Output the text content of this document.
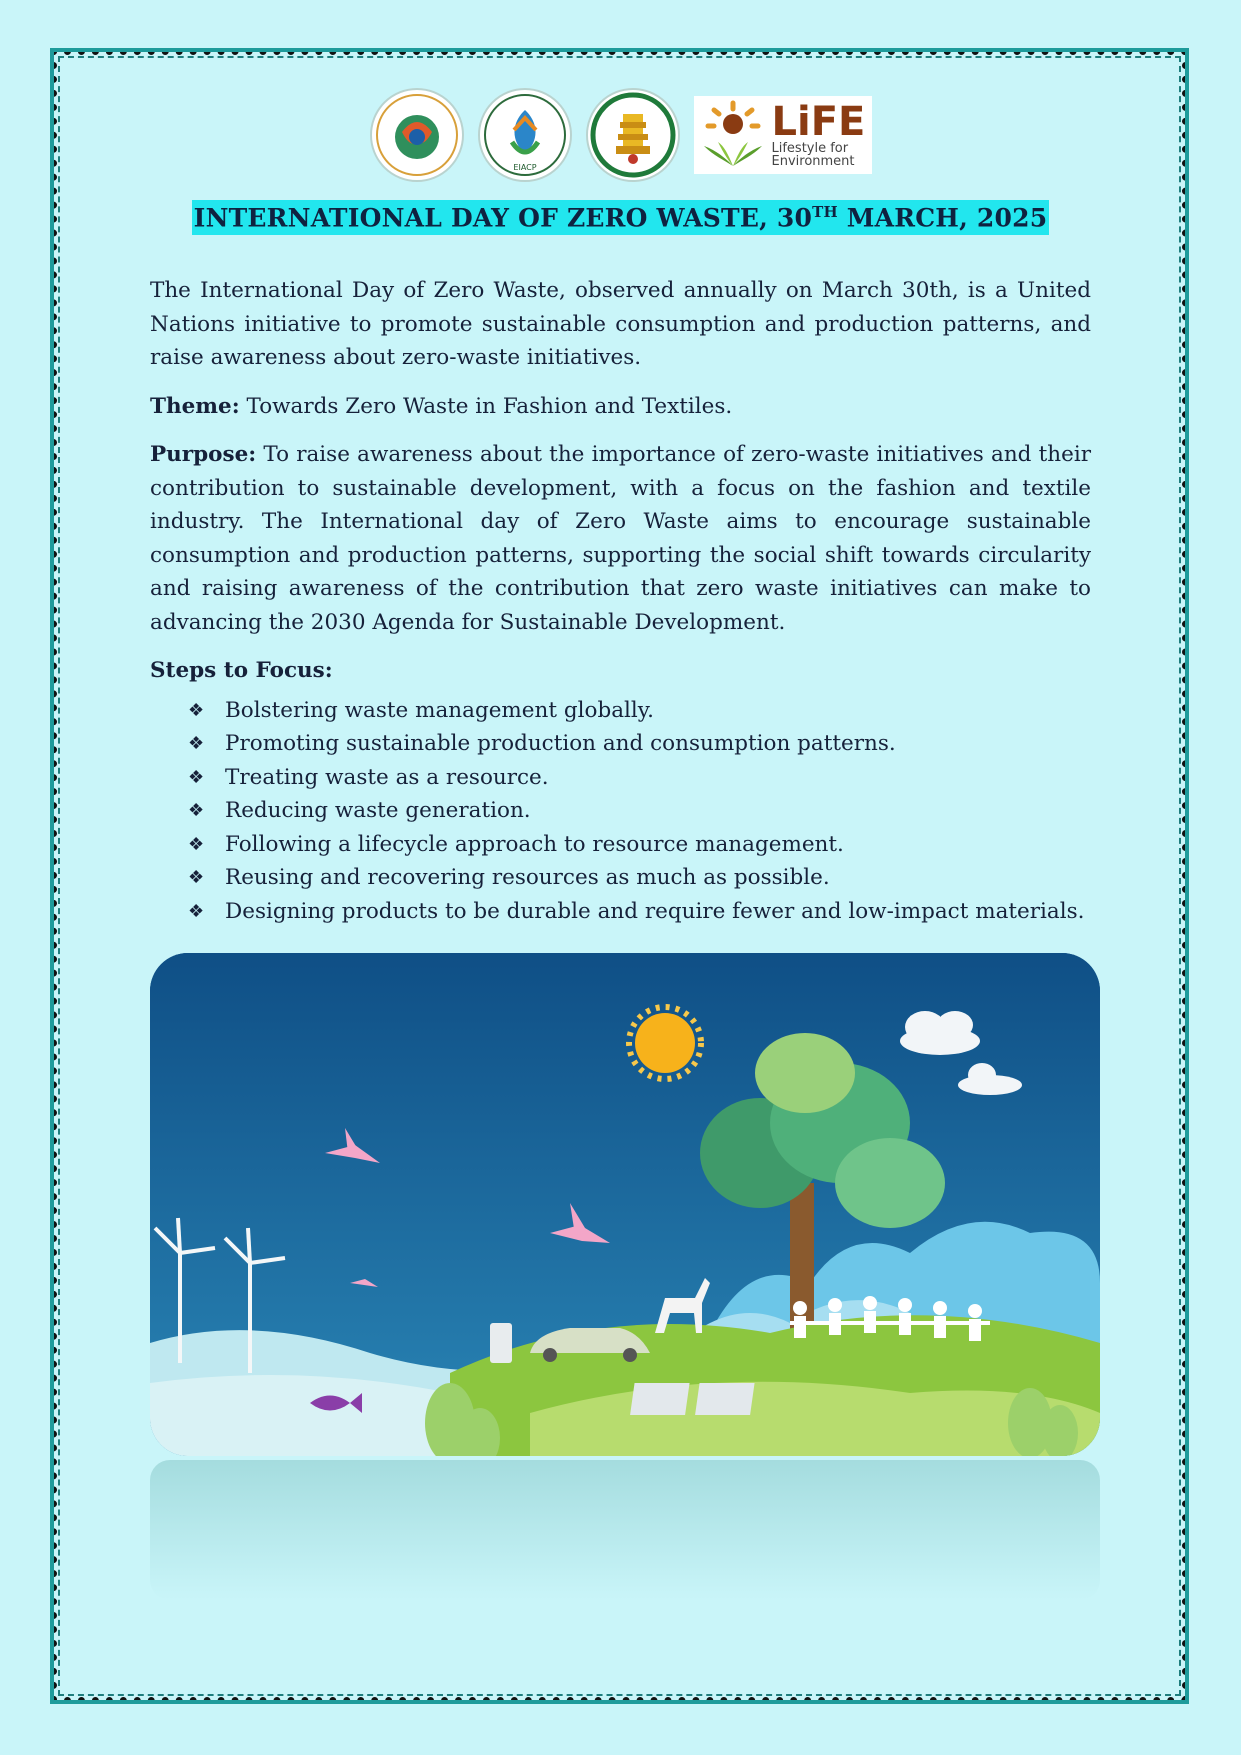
EIACP
LiFE
Lifestyle for
Environment
INTERNATIONAL DAY OF ZERO WASTE, 30TH MARCH, 2025

The International Day of Zero Waste, observed annually on March 30th, is a United Nations initiative to promote sustainable consumption and production patterns, and raise awareness about zero-waste initiatives.

Theme: Towards Zero Waste in Fashion and Textiles.

Purpose: To raise awareness about the importance of zero-waste initiatives and their contribution to sustainable development, with a focus on the fashion and textile industry. The International day of Zero Waste aims to encourage sustainable consumption and production patterns, supporting the social shift towards circularity and raising awareness of the contribution that zero waste initiatives can make to advancing the 2030 Agenda for Sustainable Development.

Steps to Focus:

❖ Bolstering waste management globally.
❖ Promoting sustainable production and consumption patterns.
❖ Treating waste as a resource.
❖ Reducing waste generation.
❖ Following a lifecycle approach to resource management.
❖ Reusing and recovering resources as much as possible.
❖ Designing products to be durable and require fewer and low-impact materials.
